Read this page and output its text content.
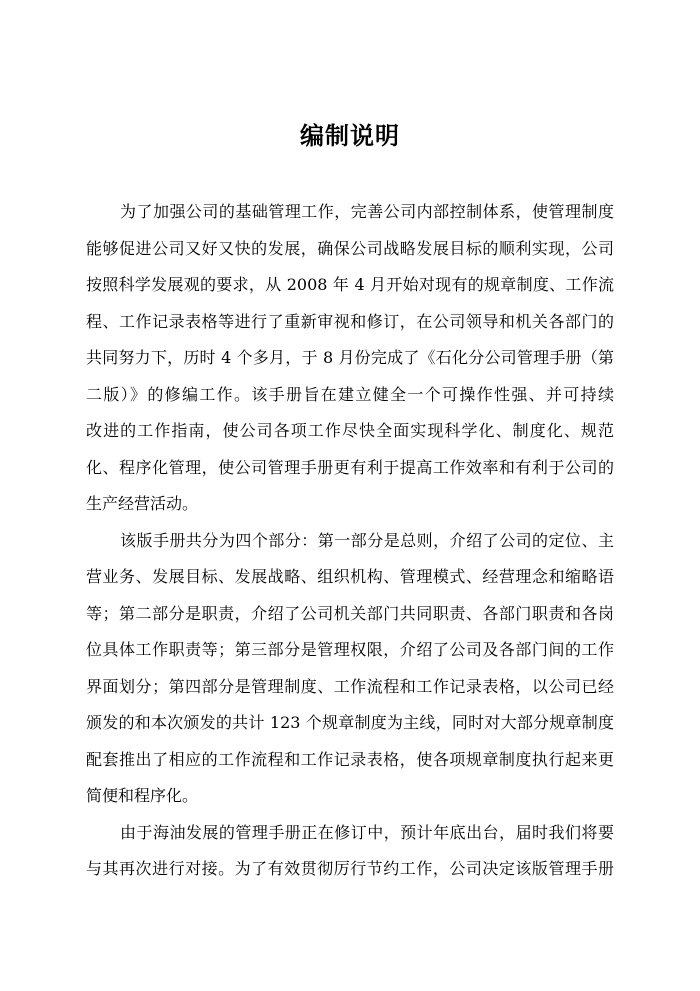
编制说明

为了加强公司的基础管理工作，完善公司内部控制体系，使管理制度
能够促进公司又好又快的发展，确保公司战略发展目标的顺利实现，公司
按照科学发展观的要求，从 2008 年 4 月开始对现有的规章制度、工作流
程、工作记录表格等进行了重新审视和修订，在公司领导和机关各部门的
共同努力下，历时 4 个多月，于 8 月份完成了《石化分公司管理手册（第
二版）》的修编工作。该手册旨在建立健全一个可操作性强、并可持续
改进的工作指南，使公司各项工作尽快全面实现科学化、制度化、规范
化、程序化管理，使公司管理手册更有利于提高工作效率和有利于公司的
生产经营活动。

该版手册共分为四个部分：第一部分是总则，介绍了公司的定位、主
营业务、发展目标、发展战略、组织机构、管理模式、经营理念和缩略语
等；第二部分是职责，介绍了公司机关部门共同职责、各部门职责和各岗
位具体工作职责等；第三部分是管理权限，介绍了公司及各部门间的工作
界面划分；第四部分是管理制度、工作流程和工作记录表格，以公司已经
颁发的和本次颁发的共计 123 个规章制度为主线，同时对大部分规章制度
配套推出了相应的工作流程和工作记录表格，使各项规章制度执行起来更
简便和程序化。

由于海油发展的管理手册正在修订中，预计年底出台，届时我们将要
与其再次进行对接。为了有效贯彻厉行节约工作，公司决定该版管理手册
